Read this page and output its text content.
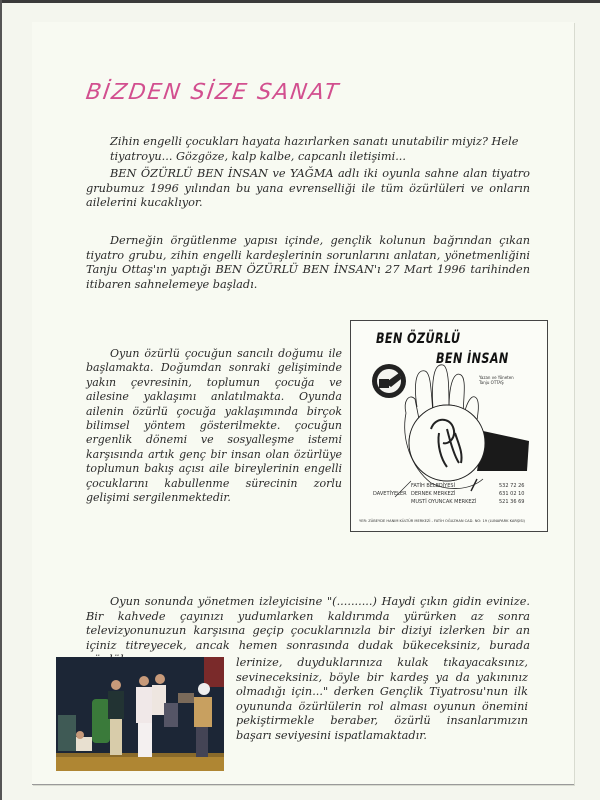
BİZDEN SİZE SANAT

Zihin engelli çocukları hayata hazırlarken sanatı unutabilir miyiz? Hele tiyatroyu... Gözgöze, kalp kalbe, capcanlı iletişimi...

BEN ÖZÜRLÜ BEN İNSAN ve YAĞMA adlı iki oyunla sahne alan tiyatro grubumuz 1996 yılından bu yana evrenselliği ile tüm özürlüleri ve onların ailelerini kucaklıyor.

Derneğin örgütlenme yapısı içinde, gençlik kolunun bağrından çıkan tiyatro grubu, zihin engelli kardeşlerinin sorunlarını anlatan, yönetmenliğini Tanju Ottaş'ın yaptığı BEN ÖZÜRLÜ BEN İNSAN'ı 27 Mart 1996 tarihinden itibaren sahnelemeye başladı.

Oyun özürlü çocuğun sancılı doğumu ile başlamakta. Doğumdan sonraki gelişiminde yakın çevresinin, toplumun çocuğa ve ailesine yaklaşımı anlatılmakta. Oyunda ailenin özürlü çocuğa yaklaşımında birçok bilimsel yöntem gösterilmekte. çocuğun ergenlik dönemi ve sosyalleşme istemi karşısında artık genç bir insan olan özürlüye toplumun bakış açısı aile bireylerinin engelli çocuklarını kabullenme sürecinin zorlu gelişimi sergilenmektedir.

BEN ÖZÜRLÜ
BEN İNSAN
Yazan ve Yöneten
Tanju OTTAŞ
DAVETİYELER
FATİH BELEDİYESİ	532 72 26
DERNEK MERKEZİ	631 02 10
MUSTİ OYUNCAK MERKEZİ	521 36 69
YER: ZÜBEYDE HANIM KÜLTÜR MERKEZİ - FATİH OĞUZHAN CAD. NO: 19 (LUNAPARK KARŞISI)

Oyun sonunda yönetmen izleyicisine "(..........) Haydi çıkın gidin evinize. Bir kahvede çayınızı yudumlarken kaldırımda yürürken az sonra televizyonunuzun karşısına geçip çocuklarınızla bir diziyi izlerken bir an içiniz titreyecek, ancak hemen sonrasında dudak bükeceksiniz, burada

lerinize, duyduklarınıza kulak tıkayacaksınız, sevineceksiniz, böyle bir kardeş ya da yakınınız olmadığı için..." derken Gençlik Tiyatrosu'nun ilk oyununda özürlülerin rol alması oyunun önemini pekiştirmekle beraber, özürlü insanlarımızın başarı seviyesini ispatlamaktadır.
